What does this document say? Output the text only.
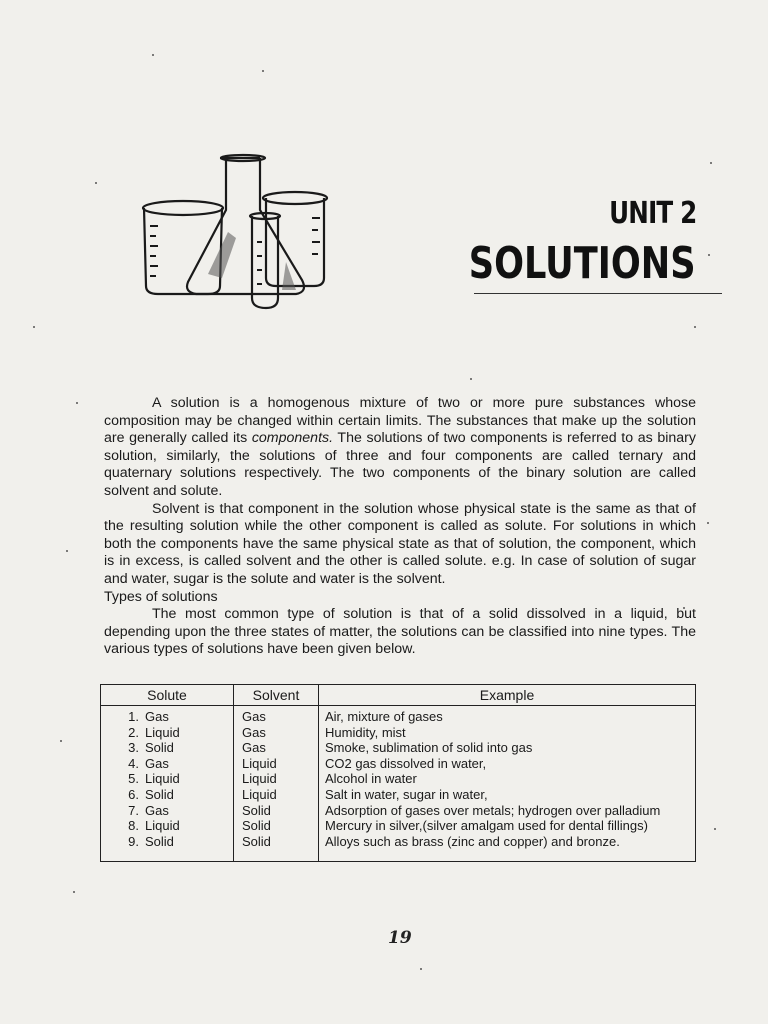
UNIT 2
SOLUTIONS

A solution is a homogenous mixture of two or more pure substances whose composition may be changed within certain limits. The substances that make up the solution are generally called its components. The solutions of two components is referred to as binary solution, similarly, the solutions of three and four components are called ternary and quaternary solutions respectively. The two components of the binary solution are called solvent and solute.

Solvent is that component in the solution whose physical state is the same as that of the resulting solution while the other component is called as solute. For solutions in which both the components have the same physical state as that of solution, the component, which is in excess, is called solvent and the other is called solute. e.g. In case of solution of sugar and water, sugar is the solute and water is the solvent.

Types of solutions

The most common type of solution is that of a solid dissolved in a liquid, but depending upon the three states of matter, the solutions can be classified into nine types. The various types of solutions have been given below.

Solute	Solvent	Example
1. Gas	Gas	Air, mixture of gases
2. Liquid	Gas	Humidity, mist
3. Solid	Gas	Smoke, sublimation of solid into gas
4. Gas	Liquid	CO2 gas dissolved in water,
5. Liquid	Liquid	Alcohol in water
6. Solid	Liquid	Salt in water, sugar in water,
7. Gas	Solid	Adsorption of gases over metals; hydrogen over palladium
8. Liquid	Solid	Mercury in silver,(silver amalgam used for dental fillings)
9. Solid	Solid	Alloys such as brass (zinc and copper) and bronze.
19
